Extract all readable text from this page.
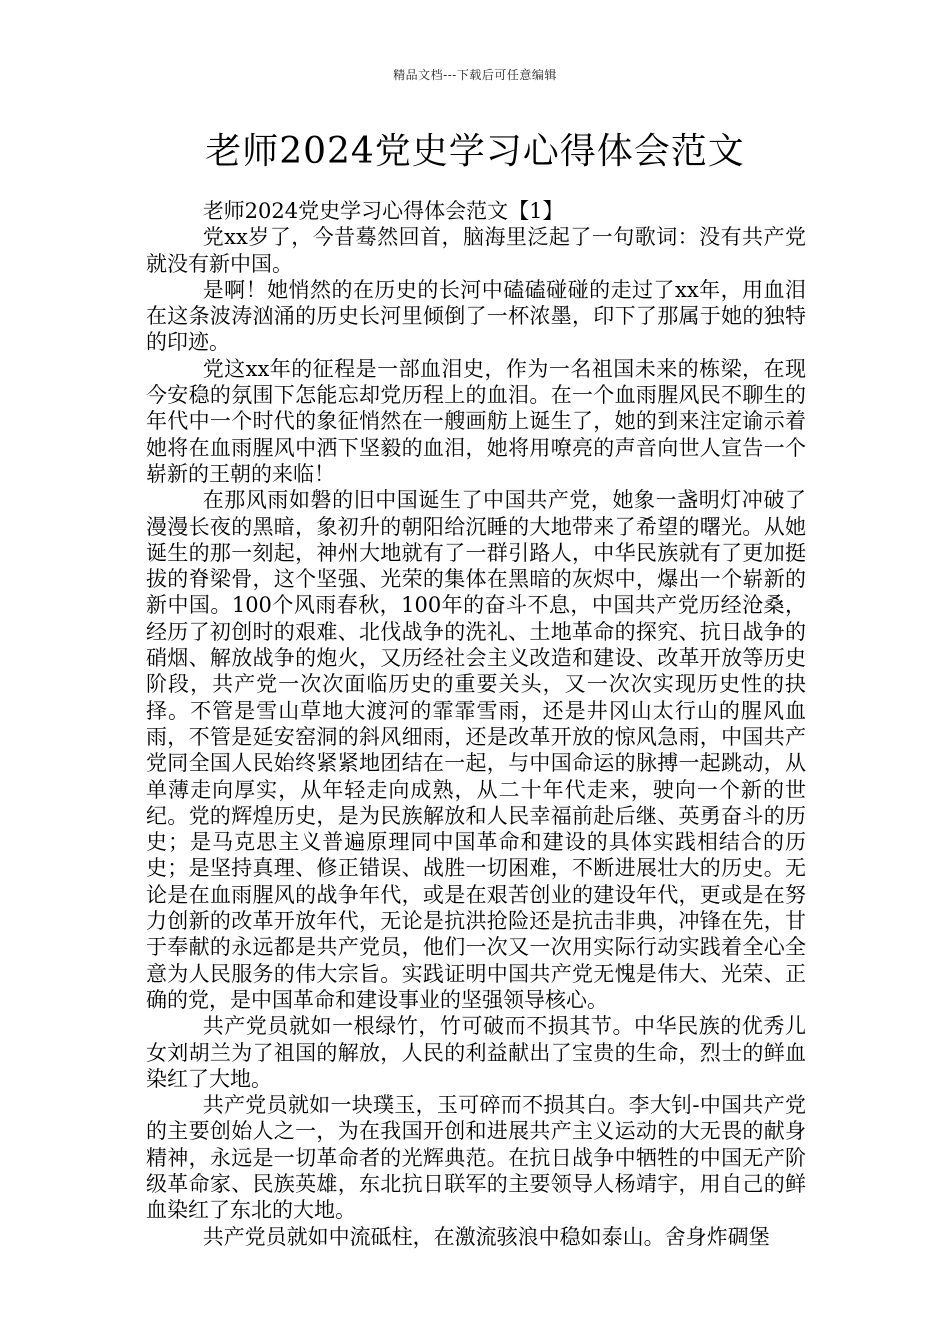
精品文档---下载后可任意编辑
老师2024党史学习心得体会范文

老师2024党史学习心得体会范文【1】

党xx岁了，今昔蓦然回首，脑海里泛起了一句歌词：没有共产党就没有新中国。

是啊！她悄然的在历史的长河中磕磕碰碰的走过了xx年，用血泪在这条波涛汹涌的历史长河里倾倒了一杯浓墨，印下了那属于她的独特的印迹。

党这xx年的征程是一部血泪史，作为一名祖国未来的栋梁，在现今安稳的氛围下怎能忘却党历程上的血泪。在一个血雨腥风民不聊生的年代中一个时代的象征悄然在一艘画舫上诞生了，她的到来注定谕示着她将在血雨腥风中洒下坚毅的血泪，她将用嘹亮的声音向世人宣告一个崭新的王朝的来临！

在那风雨如磐的旧中国诞生了中国共产党，她象一盏明灯冲破了漫漫长夜的黑暗，象初升的朝阳给沉睡的大地带来了希望的曙光。从她诞生的那一刻起，神州大地就有了一群引路人，中华民族就有了更加挺拔的脊梁骨，这个坚强、光荣的集体在黑暗的灰烬中，爆出一个崭新的新中国。100个风雨春秋，100年的奋斗不息，中国共产党历经沧桑，经历了初创时的艰难、北伐战争的洗礼、土地革命的探究、抗日战争的硝烟、解放战争的炮火，又历经社会主义改造和建设、改革开放等历史阶段，共产党一次次面临历史的重要关头，又一次次实现历史性的抉择。不管是雪山草地大渡河的霏霏雪雨，还是井冈山太行山的腥风血雨，不管是延安窑洞的斜风细雨，还是改革开放的惊风急雨，中国共产党同全国人民始终紧紧地团结在一起，与中国命运的脉搏一起跳动，从单薄走向厚实，从年轻走向成熟，从二十年代走来，驶向一个新的世纪。党的辉煌历史，是为民族解放和人民幸福前赴后继、英勇奋斗的历史；是马克思主义普遍原理同中国革命和建设的具体实践相结合的历史；是坚持真理、修正错误、战胜一切困难，不断进展壮大的历史。无论是在血雨腥风的战争年代，或是在艰苦创业的建设年代，更或是在努力创新的改革开放年代，无论是抗洪抢险还是抗击非典，冲锋在先，甘于奉献的永远都是共产党员，他们一次又一次用实际行动实践着全心全意为人民服务的伟大宗旨。实践证明中国共产党无愧是伟大、光荣、正确的党，是中国革命和建设事业的坚强领导核心。

共产党员就如一根绿竹，竹可破而不损其节。中华民族的优秀儿女刘胡兰为了祖国的解放，人民的利益献出了宝贵的生命，烈士的鲜血染红了大地。

共产党员就如一块璞玉，玉可碎而不损其白。李大钊-中国共产党的主要创始人之一，为在我国开创和进展共产主义运动的大无畏的献身精神，永远是一切革命者的光辉典范。在抗日战争中牺牲的中国无产阶级革命家、民族英雄，东北抗日联军的主要领导人杨靖宇，用自己的鲜血染红了东北的大地。

共产党员就如中流砥柱，在激流骇浪中稳如泰山。舍身炸碉堡
